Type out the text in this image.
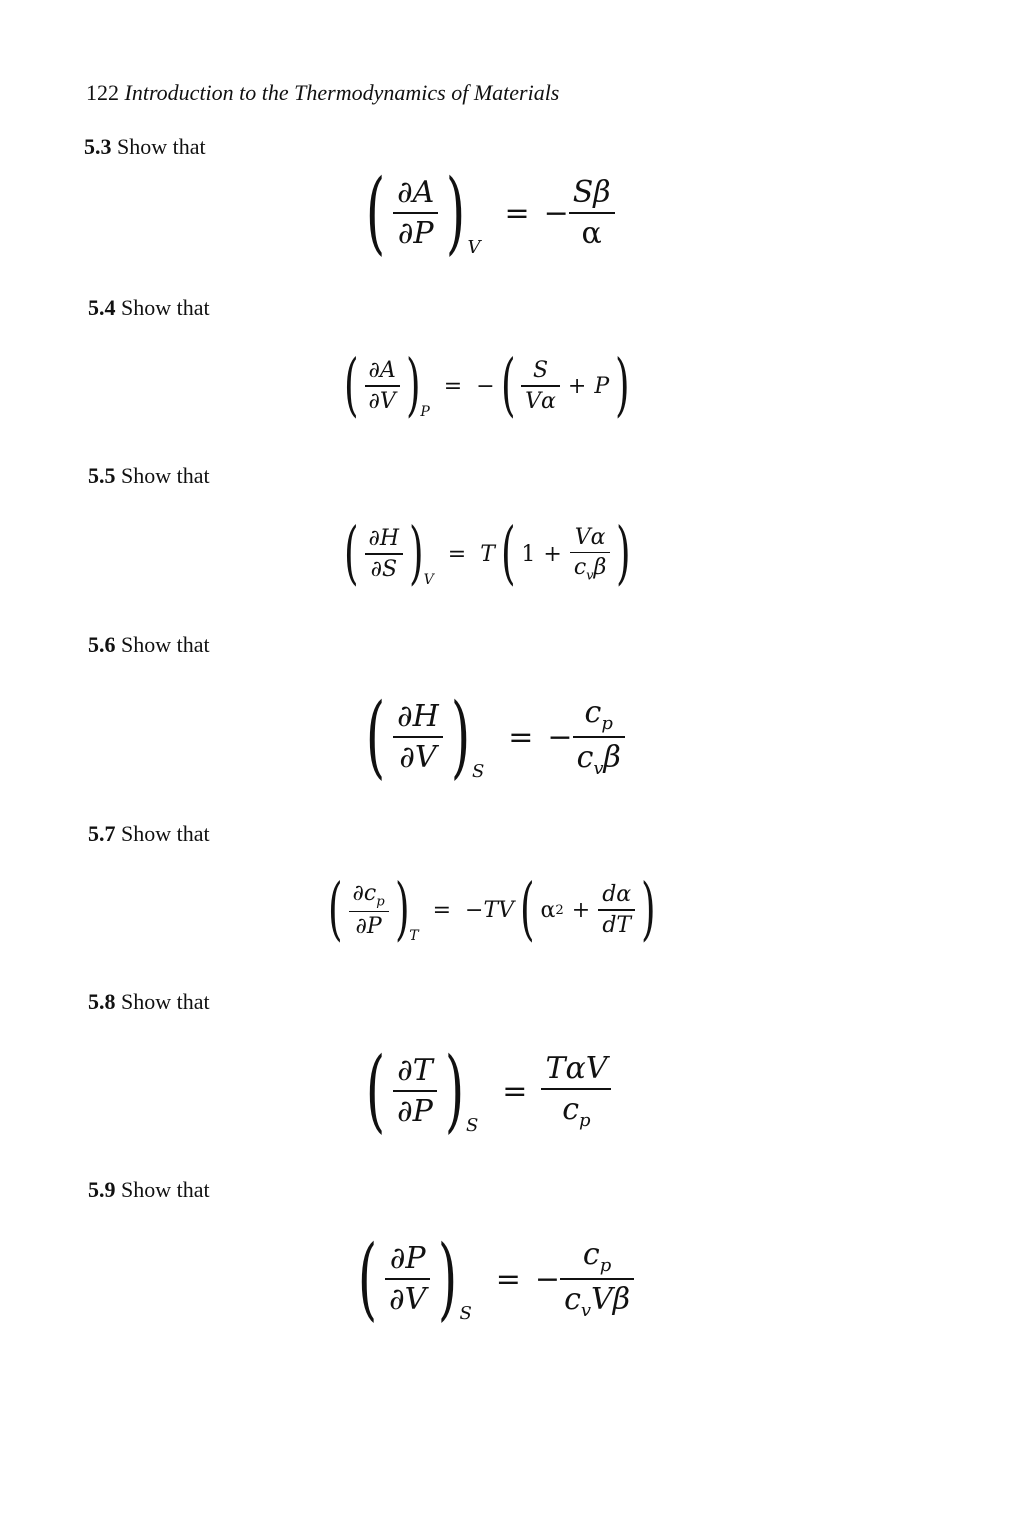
122 Introduction to the Thermodynamics of Materials
5.3 Show that
( $\frac{\partial A}{\partial P}$ ) V
= − $\frac{S\beta}{\alpha}$
5.4 Show that
( $\frac{\partial A}{\partial V}$ ) P
= − ( $\frac{S}{V\alpha} + P$ )
5.5 Show that
( $\frac{\partial H}{\partial S}$ ) V
= T ( $1 + \frac{V\alpha}{c_v\beta}$ )
5.6 Show that
( $\frac{\partial H}{\partial V}$ ) S
= − $\frac{c_p}{c_v\beta}$
5.7 Show that
( $\frac{\partial c_p}{\partial P}$ ) T
= − TV ( α $2 + \frac{d\alpha}{dT}$ )
5.8 Show that
( $\frac{\partial T}{\partial P}$ ) S
= $\frac{\text{TαV}}{c_p}$
5.9 Show that
( $\frac{\partial P}{\partial V}$ ) S
= − $\frac{c_p}{c_vV\beta}$
